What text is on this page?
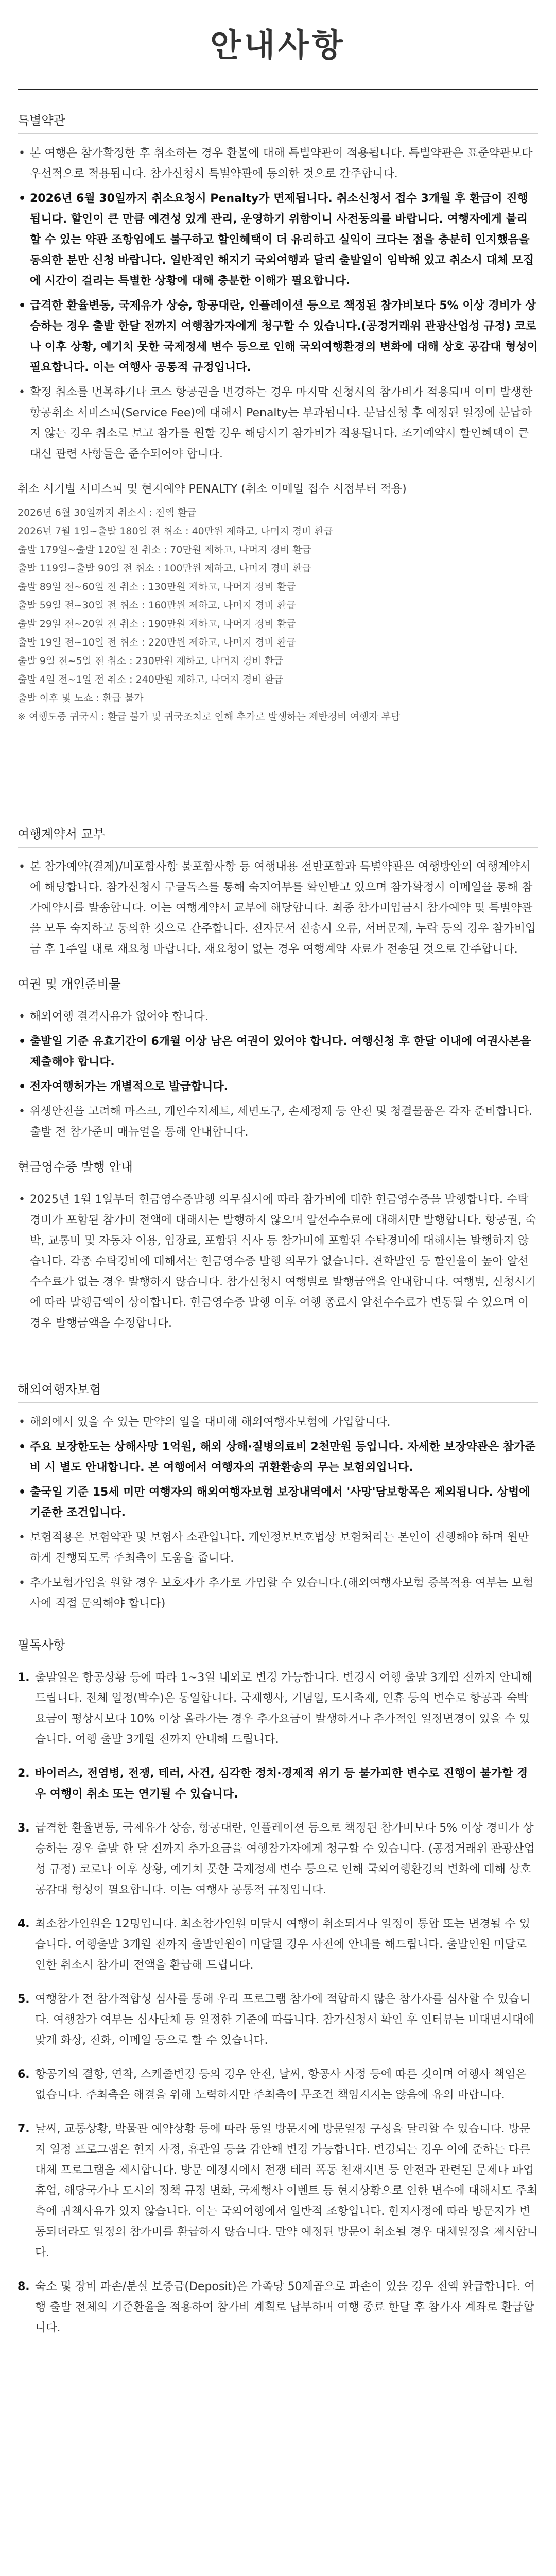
안내사항
특별약관
• 본 여행은 참가확정한 후 취소하는 경우 환불에 대해 특별약관이 적용됩니다. 특별약관은 표준약관보다 우선적으로 적용됩니다. 참가신청시 특별약관에 동의한 것으로 간주합니다.
• 2026년 6월 30일까지 취소요청시 Penalty가 면제됩니다. 취소신청서 접수 3개월 후 환급이 진행됩니다. 할인이 큰 만큼 예견성 있게 관리, 운영하기 위함이니 사전동의를 바랍니다. 여행자에게 불리할 수 있는 약관 조항임에도 불구하고 할인혜택이 더 유리하고 실익이 크다는 점을 충분히 인지했음을 동의한 분만 신청 바랍니다. 일반적인 해지기 국외여행과 달리 출발일이 임박해 있고 취소시 대체 모집에 시간이 걸리는 특별한 상황에 대해 충분한 이해가 필요합니다.
• 급격한 환율변동, 국제유가 상승, 항공대란, 인플레이션 등으로 책정된 참가비보다 5% 이상 경비가 상승하는 경우 출발 한달 전까지 여행참가자에게 청구할 수 있습니다.(공정거래위 관광산업성 규정) 코로나 이후 상황, 예기치 못한 국제정세 변수 등으로 인해 국외여행환경의 변화에 대해 상호 공감대 형성이 필요합니다. 이는 여행사 공통적 규정입니다.
• 확정 취소를 번복하거나 코스 항공권을 변경하는 경우 마지막 신청시의 참가비가 적용되며 이미 발생한 항공취소 서비스피(Service Fee)에 대해서 Penalty는 부과됩니다. 분납신청 후 예정된 일정에 분납하지 않는 경우 취소로 보고 참가를 원할 경우 해당시기 참가비가 적용됩니다. 조기예약시 할인혜택이 큰 대신 관련 사항들은 준수되어야 합니다.
취소 시기별 서비스피 및 현지예약 PENALTY (취소 이메일 접수 시점부터 적용)
2026년 6월 30일까지 취소시 : 전액 환급
2026년 7월 1일~출발 180일 전 취소 : 40만원 제하고, 나머지 경비 환급
출발 179일~출발 120일 전 취소 : 70만원 제하고, 나머지 경비 환급
출발 119일~출발 90일 전 취소 : 100만원 제하고, 나머지 경비 환급
출발 89일 전~60일 전 취소 : 130만원 제하고, 나머지 경비 환급
출발 59일 전~30일 전 취소 : 160만원 제하고, 나머지 경비 환급
출발 29일 전~20일 전 취소 : 190만원 제하고, 나머지 경비 환급
출발 19일 전~10일 전 취소 : 220만원 제하고, 나머지 경비 환급
출발 9일 전~5일 전 취소 : 230만원 제하고, 나머지 경비 환급
출발 4일 전~1일 전 취소 : 240만원 제하고, 나머지 경비 환급
출발 이후 및 노쇼 : 환급 불가
※ 여행도중 귀국시 : 환급 불가 및 귀국조치로 인해 추가로 발생하는 제반경비 여행자 부담
여행계약서 교부
• 본 참가예약(결제)/비포함사항 불포함사항 등 여행내용 전반포함과 특별약관은 여행방안의 여행계약서에 해당합니다. 참가신청시 구글독스를 통해 숙지여부를 확인받고 있으며 참가확정시 이메일을 통해 참가예약서를 발송합니다. 이는 여행계약서 교부에 해당합니다. 최종 참가비입금시 참가예약 및 특별약관을 모두 숙지하고 동의한 것으로 간주합니다. 전자문서 전송시 오류, 서버문제, 누락 등의 경우 참가비입금 후 1주일 내로 재요청 바랍니다. 재요청이 없는 경우 여행계약 자료가 전송된 것으로 간주합니다.
여권 및 개인준비물
• 해외여행 결격사유가 없어야 합니다.
• 출발일 기준 유효기간이 6개월 이상 남은 여권이 있어야 합니다. 여행신청 후 한달 이내에 여권사본을 제출해야 합니다.
• 전자여행허가는 개별적으로 발급합니다.
• 위생안전을 고려해 마스크, 개인수저세트, 세면도구, 손세정제 등 안전 및 청결물품은 각자 준비합니다. 출발 전 참가준비 매뉴얼을 통해 안내합니다.
현금영수증 발행 안내
• 2025년 1월 1일부터 현금영수증발행 의무실시에 따라 참가비에 대한 현금영수증을 발행합니다. 수탁경비가 포함된 참가비 전액에 대해서는 발행하지 않으며 알선수수료에 대해서만 발행합니다. 항공권, 숙박, 교통비 및 자동차 이용, 입장료, 포함된 식사 등 참가비에 포함된 수탁경비에 대해서는 발행하지 않습니다. 각종 수탁경비에 대해서는 현금영수증 발행 의무가 없습니다. 견학발인 등 할인율이 높아 알선수수료가 없는 경우 발행하지 않습니다. 참가신청시 여행별로 발행금액을 안내합니다. 여행별, 신청시기에 따라 발행금액이 상이합니다. 현금영수증 발행 이후 여행 종료시 알선수수료가 변동될 수 있으며 이 경우 발행금액을 수정합니다.
해외여행자보험
• 해외에서 있을 수 있는 만약의 일을 대비해 해외여행자보험에 가입합니다.
• 주요 보장한도는 상해사망 1억원, 해외 상해·질병의료비 2천만원 등입니다. 자세한 보장약관은 참가준비 시 별도 안내합니다. 본 여행에서 여행자의 귀환환송의 무는 보험외입니다.
• 출국일 기준 15세 미만 여행자의 해외여행자보험 보장내역에서 '사망'담보항목은 제외됩니다. 상법에 기준한 조건입니다.
• 보험적용은 보험약관 및 보험사 소관입니다. 개인정보보호법상 보험처리는 본인이 진행해야 하며 원만하게 진행되도록 주최측이 도움을 줍니다.
• 추가보험가입을 원할 경우 보호자가 추가로 가입할 수 있습니다.(해외여행자보험 중복적용 여부는 보험사에 직접 문의해야 합니다)
필독사항
1. 출발일은 항공상황 등에 따라 1~3일 내외로 변경 가능합니다. 변경시 여행 출발 3개월 전까지 안내해 드립니다. 전체 일정(박수)은 동일합니다. 국제행사, 기념일, 도시축제, 연휴 등의 변수로 항공과 숙박 요금이 평상시보다 10% 이상 올라가는 경우 추가요금이 발생하거나 추가적인 일정변경이 있을 수 있습니다. 여행 출발 3개월 전까지 안내해 드립니다.
2. 바이러스, 전염병, 전쟁, 테러, 사건, 심각한 정치·경제적 위기 등 불가피한 변수로 진행이 불가할 경우 여행이 취소 또는 연기될 수 있습니다.
3. 급격한 환율변동, 국제유가 상승, 항공대란, 인플레이션 등으로 책정된 참가비보다 5% 이상 경비가 상승하는 경우 출발 한 달 전까지 추가요금을 여행참가자에게 청구할 수 있습니다. (공정거래위 관광산업성 규정) 코로나 이후 상황, 예기치 못한 국제정세 변수 등으로 인해 국외여행환경의 변화에 대해 상호 공감대 형성이 필요합니다. 이는 여행사 공통적 규정입니다.
4. 최소참가인원은 12명입니다. 최소참가인원 미달시 여행이 취소되거나 일정이 통합 또는 변경될 수 있습니다. 여행출발 3개월 전까지 출발인원이 미달될 경우 사전에 안내를 해드립니다. 출발인원 미달로 인한 취소시 참가비 전액을 환급해 드립니다.
5. 여행참가 전 참가적합성 심사를 통해 우리 프로그램 참가에 적합하지 않은 참가자를 심사할 수 있습니다. 여행참가 여부는 심사단체 등 일정한 기준에 따릅니다. 참가신청서 확인 후 인터뷰는 비대면시대에 맞게 화상, 전화, 이메일 등으로 할 수 있습니다.
6. 항공기의 결항, 연착, 스케줄변경 등의 경우 안전, 날씨, 항공사 사정 등에 따른 것이며 여행사 책임은 없습니다. 주최측은 해결을 위해 노력하지만 주최측이 무조건 책임지지는 않음에 유의 바랍니다.
7. 날씨, 교통상황, 박물관 예약상황 등에 따라 동일 방문지에 방문일정 구성을 달리할 수 있습니다. 방문지 일정 프로그램은 현지 사정, 휴관일 등을 감안해 변경 가능합니다. 변경되는 경우 이에 준하는 다른 대체 프로그램을 제시합니다. 방문 예정지에서 전쟁 테러 폭동 천재지변 등 안전과 관련된 문제나 파업 휴업, 해당국가나 도시의 정책 규정 변화, 국제행사 이벤트 등 현지상황으로 인한 변수에 대해서도 주최측에 귀책사유가 있지 않습니다. 이는 국외여행에서 일반적 조항입니다. 현지사정에 따라 방문지가 변동되더라도 일정의 참가비를 환급하지 않습니다. 만약 예정된 방문이 취소될 경우 대체일정을 제시합니다.
8. 숙소 및 장비 파손/분실 보증금(Deposit)은 가족당 50제곱으로 파손이 있을 경우 전액 환급합니다. 여행 출발 전체의 기준환율을 적용하여 참가비 계획로 납부하며 여행 종료 한달 후 참가자 계좌로 환급합니다.
